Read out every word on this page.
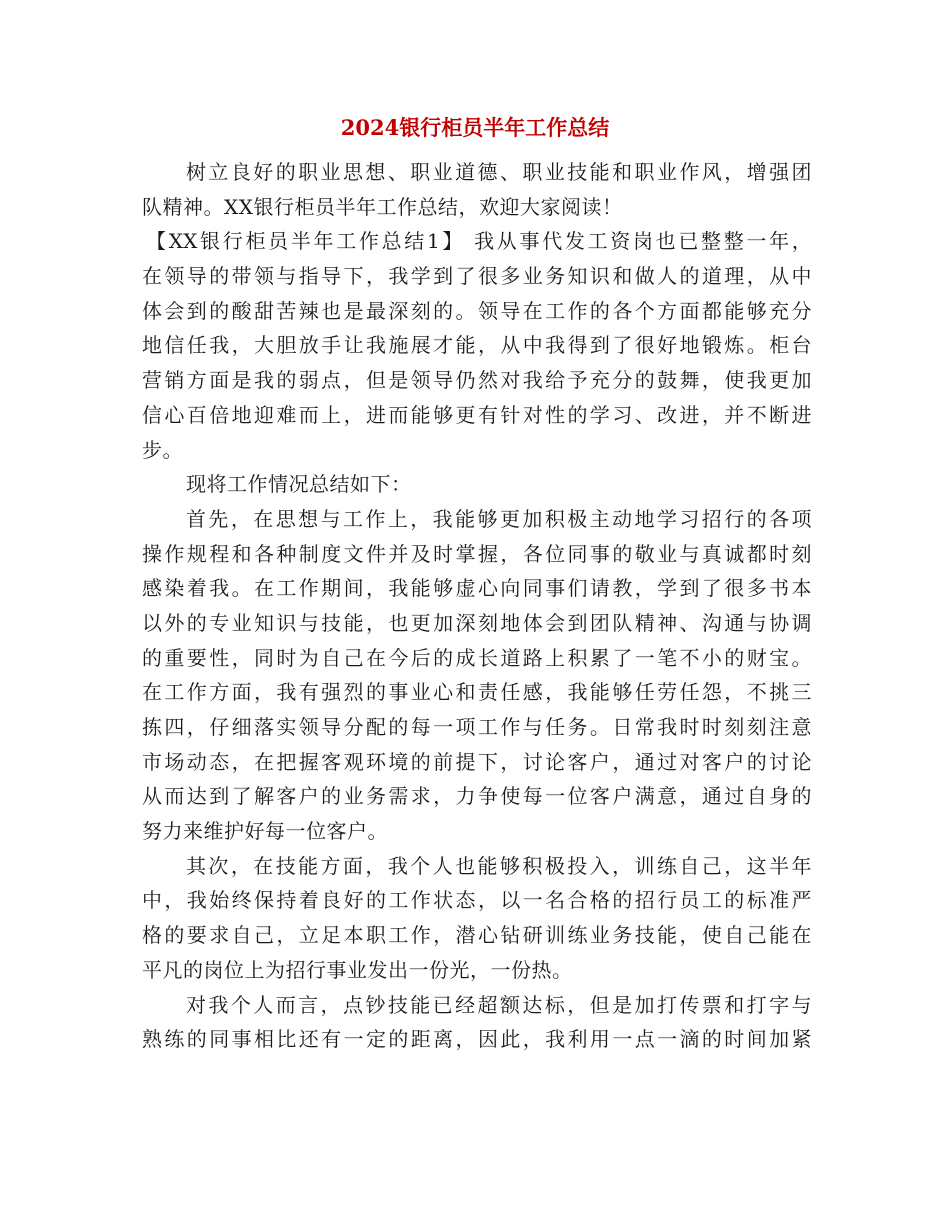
2024银行柜员半年工作总结
树立良好的职业思想、职业道德、职业技能和职业作风，增强团
队精神。XX银行柜员半年工作总结，欢迎大家阅读！
【XX银行柜员半年工作总结1】 我从事代发工资岗也已整整一年，
在领导的带领与指导下，我学到了很多业务知识和做人的道理，从中
体会到的酸甜苦辣也是最深刻的。领导在工作的各个方面都能够充分
地信任我，大胆放手让我施展才能，从中我得到了很好地锻炼。柜台
营销方面是我的弱点，但是领导仍然对我给予充分的鼓舞，使我更加
信心百倍地迎难而上，进而能够更有针对性的学习、改进，并不断进
步。
现将工作情况总结如下：
首先，在思想与工作上，我能够更加积极主动地学习招行的各项
操作规程和各种制度文件并及时掌握，各位同事的敬业与真诚都时刻
感染着我。在工作期间，我能够虚心向同事们请教，学到了很多书本
以外的专业知识与技能，也更加深刻地体会到团队精神、沟通与协调
的重要性，同时为自己在今后的成长道路上积累了一笔不小的财宝。
在工作方面，我有强烈的事业心和责任感，我能够任劳任怨，不挑三
拣四，仔细落实领导分配的每一项工作与任务。日常我时时刻刻注意
市场动态，在把握客观环境的前提下，讨论客户，通过对客户的讨论
从而达到了解客户的业务需求，力争使每一位客户满意，通过自身的
努力来维护好每一位客户。
其次，在技能方面，我个人也能够积极投入，训练自己，这半年
中，我始终保持着良好的工作状态，以一名合格的招行员工的标准严
格的要求自己，立足本职工作，潜心钻研训练业务技能，使自己能在
平凡的岗位上为招行事业发出一份光，一份热。
对我个人而言，点钞技能已经超额达标，但是加打传票和打字与
熟练的同事相比还有一定的距离，因此，我利用一点一滴的时间加紧
